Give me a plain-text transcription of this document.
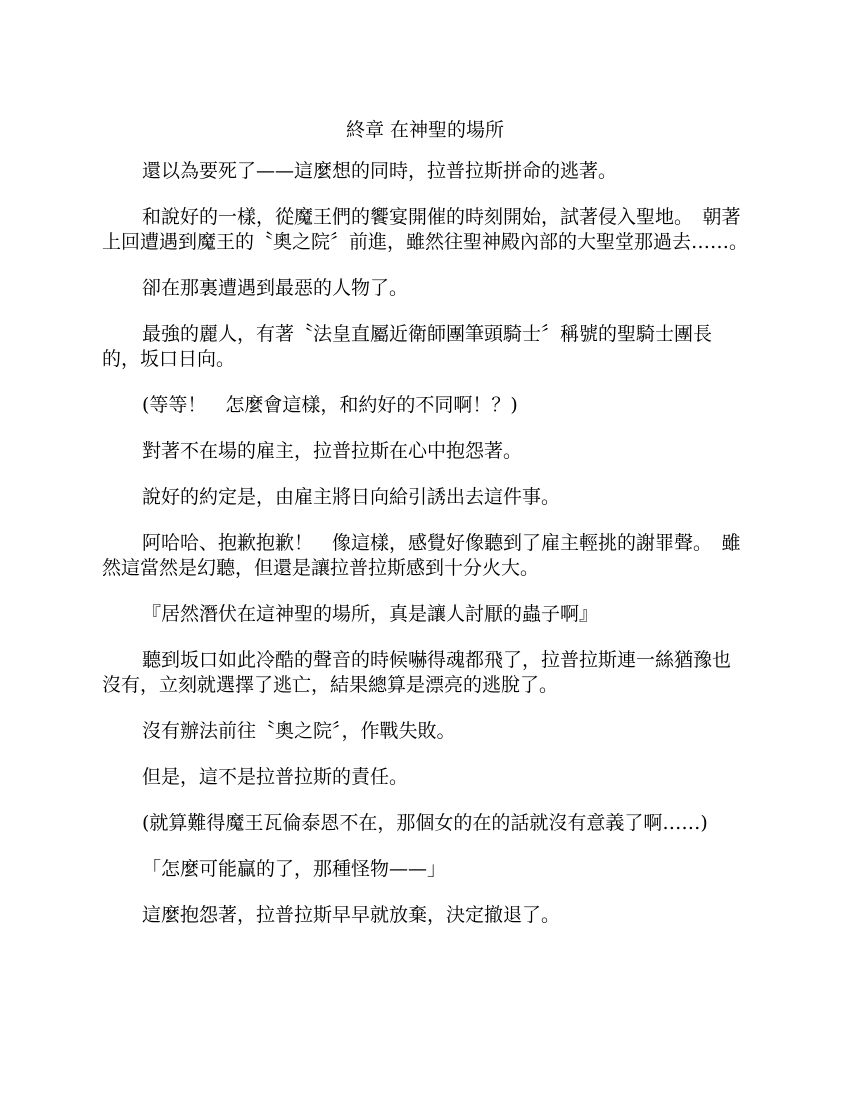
終章 在神聖的場所

還以為要死了——這麼想的同時，拉普拉斯拼命的逃著。

和說好的一樣，從魔王們的饗宴開催的時刻開始，試著侵入聖地。　朝著上回遭遇到魔王的〝奧之院〞前進，雖然往聖神殿內部的大聖堂那過去……。

卻在那裏遭遇到最惡的人物了。

最強的麗人，有著〝法皇直屬近衛師團筆頭騎士〞稱號的聖騎士團長的，坂口日向。

(等等！　怎麼會這樣，和約好的不同啊！？)

對著不在場的雇主，拉普拉斯在心中抱怨著。

說好的約定是，由雇主將日向給引誘出去這件事。

阿哈哈、抱歉抱歉！　像這樣，感覺好像聽到了雇主輕挑的謝罪聲。　雖然這當然是幻聽，但還是讓拉普拉斯感到十分火大。

『居然潛伏在這神聖的場所，真是讓人討厭的蟲子啊』

聽到坂口如此冷酷的聲音的時候嚇得魂都飛了，拉普拉斯連一絲猶豫也沒有，立刻就選擇了逃亡，結果總算是漂亮的逃脫了。

沒有辦法前往〝奧之院〞，作戰失敗。

但是，這不是拉普拉斯的責任。

(就算難得魔王瓦倫泰恩不在，那個女的在的話就沒有意義了啊……)

「怎麼可能贏的了，那種怪物——」

這麼抱怨著，拉普拉斯早早就放棄，決定撤退了。
